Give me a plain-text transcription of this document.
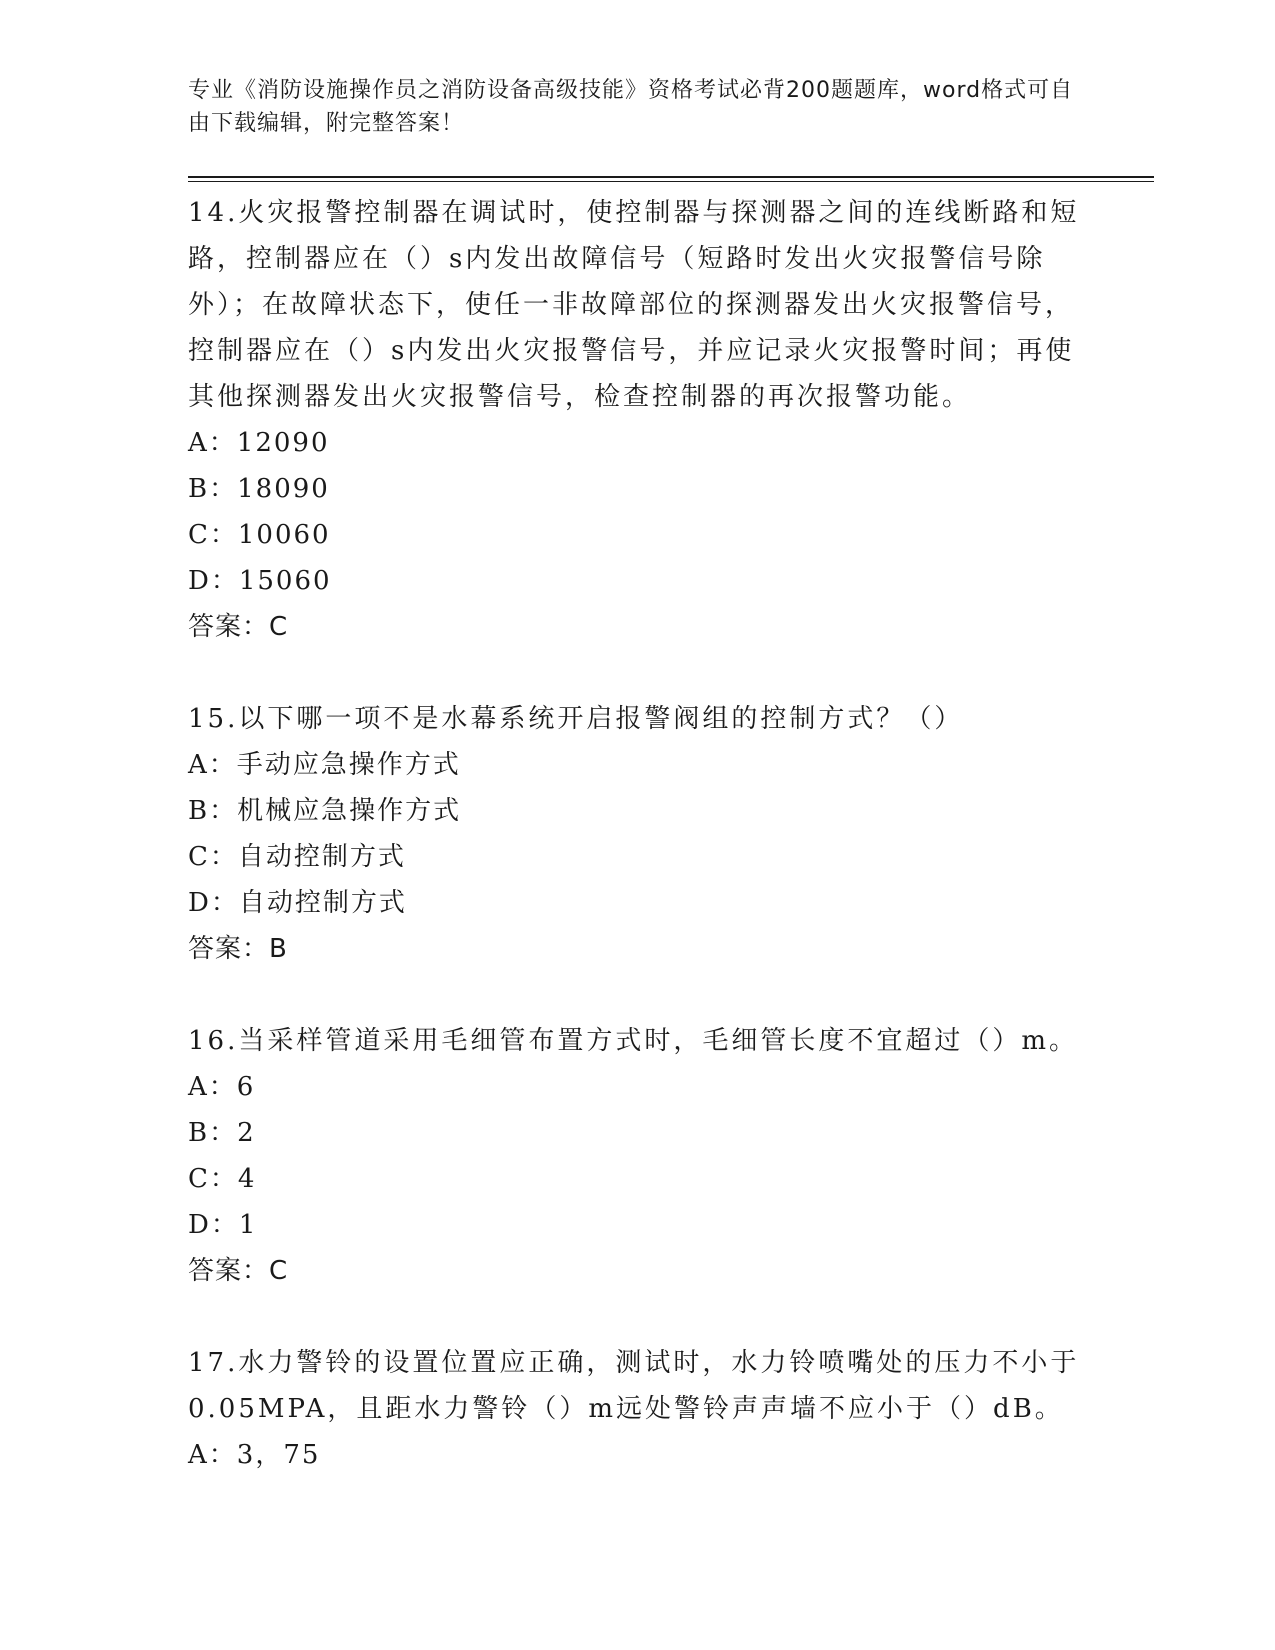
专业《消防设施操作员之消防设备高级技能》资格考试必背200题题库，word格式可自由下载编辑，附完整答案！
14.火灾报警控制器在调试时，使控制器与探测器之间的连线断路和短路，控制器应在（）s内发出故障信号（短路时发出火灾报警信号除外）；在故障状态下，使任一非故障部位的探测器发出火灾报警信号，控制器应在（）s内发出火灾报警信号，并应记录火灾报警时间；再使其他探测器发出火灾报警信号，检查控制器的再次报警功能。
A：12090
B：18090
C：10060
D：15060
答案：C
15.以下哪一项不是水幕系统开启报警阀组的控制方式？（）
A：手动应急操作方式
B：机械应急操作方式
C：自动控制方式
D：自动控制方式
答案：B
16.当采样管道采用毛细管布置方式时，毛细管长度不宜超过（）m。
A：6
B：2
C：4
D：1
答案：C
17.水力警铃的设置位置应正确，测试时，水力铃喷嘴处的压力不小于0.05MPA，且距水力警铃（）m远处警铃声声墙不应小于（）dB。
A：3，75
